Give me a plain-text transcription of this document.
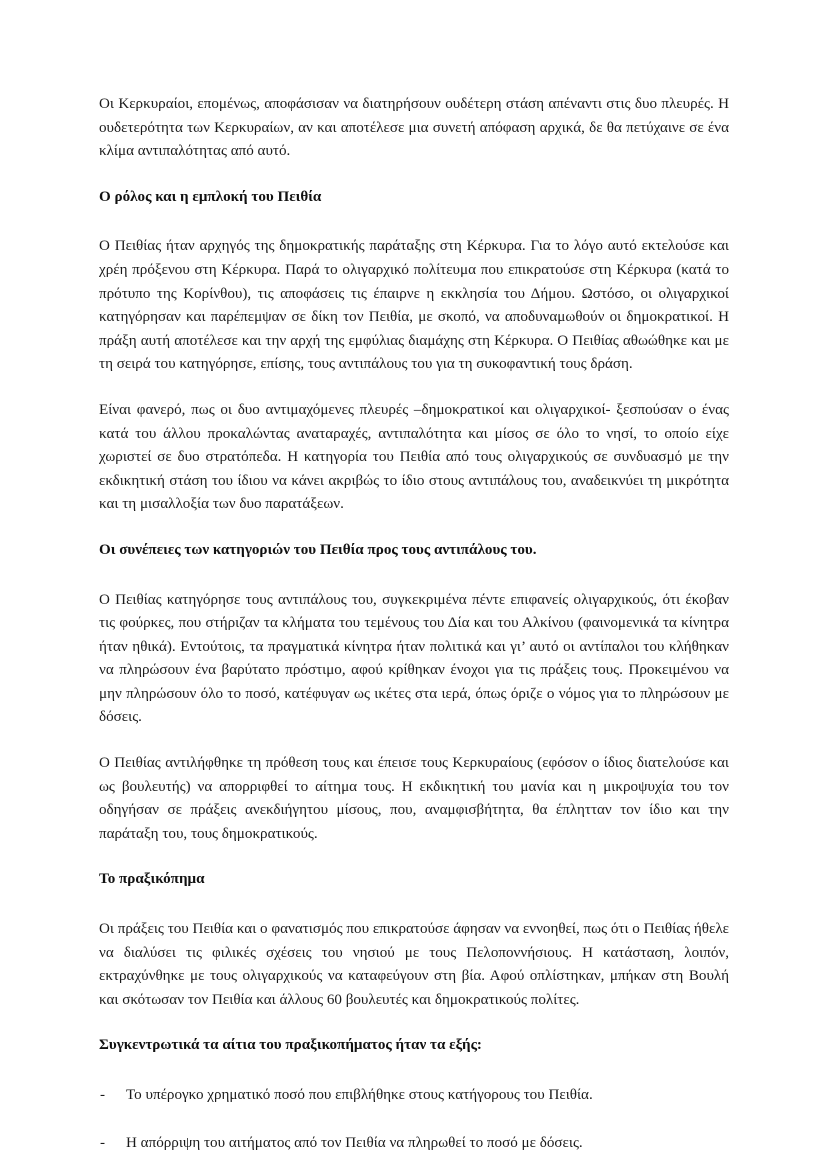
Οι Κερκυραίοι, επομένως, αποφάσισαν να διατηρήσουν ουδέτερη στάση απέναντι στις δυο πλευρές. Η ουδετερότητα των Κερκυραίων, αν και αποτέλεσε μια συνετή απόφαση αρχικά, δε θα πετύχαινε σε ένα κλίμα αντιπαλότητας από αυτό.

Ο ρόλος και η εμπλοκή του Πειθία

Ο Πειθίας ήταν αρχηγός της δημοκρατικής παράταξης στη Κέρκυρα. Για το λόγο αυτό εκτελούσε και χρέη πρόξενου στη Κέρκυρα. Παρά το ολιγαρχικό πολίτευμα που επικρατούσε στη Κέρκυρα (κατά το πρότυπο της Κορίνθου), τις αποφάσεις τις έπαιρνε η εκκλησία του Δήμου. Ωστόσο, οι ολιγαρχικοί κατηγόρησαν και παρέπεμψαν σε δίκη τον Πειθία, με σκοπό, να αποδυναμωθούν οι δημοκρατικοί. Η πράξη αυτή αποτέλεσε και την αρχή της εμφύλιας διαμάχης στη Κέρκυρα. Ο Πειθίας αθωώθηκε και με τη σειρά του κατηγόρησε, επίσης, τους αντιπάλους του για τη συκοφαντική τους δράση.

Είναι φανερό, πως οι δυο αντιμαχόμενες πλευρές –δημοκρατικοί και ολιγαρχικοί- ξεσπούσαν ο ένας κατά του άλλου προκαλώντας αναταραχές, αντιπαλότητα και μίσος σε όλο το νησί, το οποίο είχε χωριστεί σε δυο στρατόπεδα. Η κατηγορία του Πειθία από τους ολιγαρχικούς σε συνδυασμό με την εκδικητική στάση του ίδιου να κάνει ακριβώς το ίδιο στους αντιπάλους του, αναδεικνύει τη μικρότητα και τη μισαλλοξία των δυο παρατάξεων.

Οι συνέπειες των κατηγοριών του Πειθία προς τους αντιπάλους του.

Ο Πειθίας κατηγόρησε τους αντιπάλους του, συγκεκριμένα πέντε επιφανείς ολιγαρχικούς, ότι έκοβαν τις φούρκες, που στήριζαν τα κλήματα του τεμένους του Δία και του Αλκίνου (φαινομενικά τα κίνητρα ήταν ηθικά). Εντούτοις, τα πραγματικά κίνητρα ήταν πολιτικά και γι’ αυτό οι αντίπαλοι του κλήθηκαν να πληρώσουν ένα βαρύτατο πρόστιμο, αφού κρίθηκαν ένοχοι για τις πράξεις τους. Προκειμένου να μην πληρώσουν όλο το ποσό, κατέφυγαν ως ικέτες στα ιερά, όπως όριζε ο νόμος για το πληρώσουν με δόσεις.

Ο Πειθίας αντιλήφθηκε τη πρόθεση τους και έπεισε τους Κερκυραίους (εφόσον ο ίδιος διατελούσε και ως βουλευτής) να απορριφθεί το αίτημα τους. Η εκδικητική του μανία και η μικροψυχία του τον οδηγήσαν σε πράξεις ανεκδιήγητου μίσους, που, αναμφισβήτητα, θα έπλητταν τον ίδιο και την παράταξη του, τους δημοκρατικούς.

Το πραξικόπημα

Οι πράξεις του Πειθία και ο φανατισμός που επικρατούσε άφησαν να εννοηθεί, πως ότι ο Πειθίας ήθελε να διαλύσει τις φιλικές σχέσεις του νησιού με τους Πελοποννήσιους. Η κατάσταση, λοιπόν, εκτραχύνθηκε με τους ολιγαρχικούς να καταφεύγουν στη βία. Αφού οπλίστηκαν, μπήκαν στη Βουλή και σκότωσαν τον Πειθία και άλλους 60 βουλευτές και δημοκρατικούς πολίτες.

Συγκεντρωτικά τα αίτια του πραξικοπήματος ήταν τα εξής:
- Το υπέρογκο χρηματικό ποσό που επιβλήθηκε στους κατήγορους του Πειθία.
- Η απόρριψη του αιτήματος από τον Πειθία να πληρωθεί το ποσό με δόσεις.
